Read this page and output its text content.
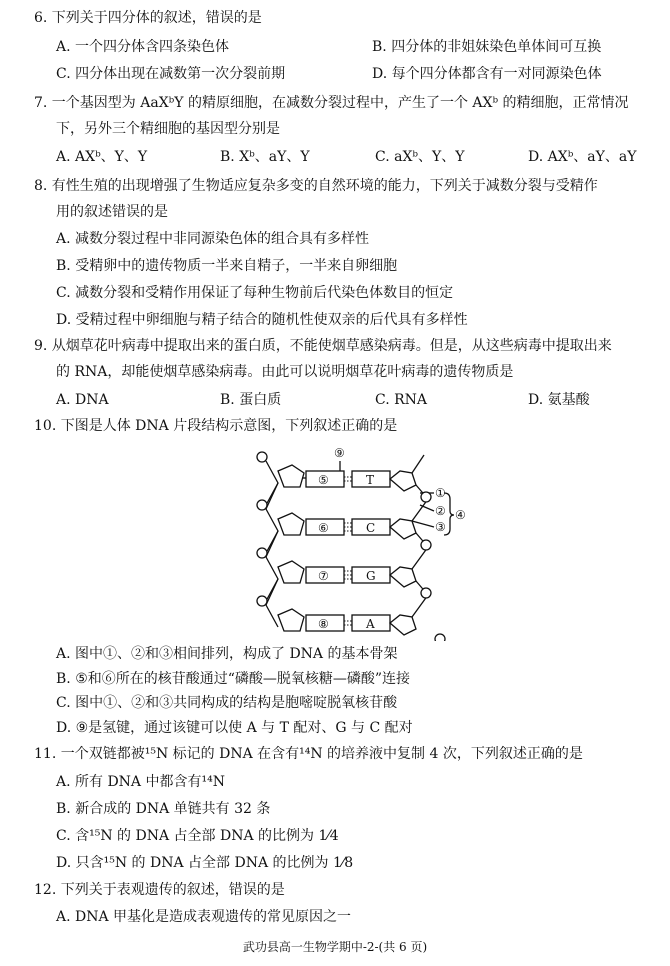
6. 下列关于四分体的叙述，错误的是
A. 一个四分体含四条染色体	B. 四分体的非姐妹染色单体间可互换
C. 四分体出现在减数第一次分裂前期	D. 每个四分体都含有一对同源染色体
7. 一个基因型为 AaXᵇY 的精原细胞，在减数分裂过程中，产生了一个 AXᵇ 的精细胞，正常情况
下，另外三个精细胞的基因型分别是
A. AXᵇ、Y、Y	B. Xᵇ、aY、Y	C. aXᵇ、Y、Y	D. AXᵇ、aY、aY
8. 有性生殖的出现增强了生物适应复杂多变的自然环境的能力，下列关于减数分裂与受精作
用的叙述错误的是
A. 减数分裂过程中非同源染色体的组合具有多样性
B. 受精卵中的遗传物质一半来自精子，一半来自卵细胞
C. 减数分裂和受精作用保证了每种生物前后代染色体数目的恒定
D. 受精过程中卵细胞与精子结合的随机性使双亲的后代具有多样性
9. 从烟草花叶病毒中提取出来的蛋白质，不能使烟草感染病毒。但是，从这些病毒中提取出来
的 RNA，却能使烟草感染病毒。由此可以说明烟草花叶病毒的遗传物质是
A. DNA	B. 蛋白质	C. RNA	D. 氨基酸
10. 下图是人体 DNA 片段结构示意图，下列叙述正确的是
⑨
⑤
⑥
⑦
⑧
①
②
③
④
T
C
G
A
A. 图中①、②和③相间排列，构成了 DNA 的基本骨架
B. ⑤和⑥所在的核苷酸通过“磷酸—脱氧核糖—磷酸”连接
C. 图中①、②和③共同构成的结构是胞嘧啶脱氧核苷酸
D. ⑨是氢键，通过该键可以使 A 与 T 配对、G 与 C 配对
11. 一个双链都被¹⁵N 标记的 DNA 在含有¹⁴N 的培养液中复制 4 次，下列叙述正确的是
A. 所有 DNA 中都含有¹⁴N
B. 新合成的 DNA 单链共有 32 条
C. 含¹⁵N 的 DNA 占全部 DNA 的比例为 1⁄4
D. 只含¹⁵N 的 DNA 占全部 DNA 的比例为 1⁄8
12. 下列关于表观遗传的叙述，错误的是
A. DNA 甲基化是造成表观遗传的常见原因之一
武功县高一生物学期中-2-(共 6 页)
